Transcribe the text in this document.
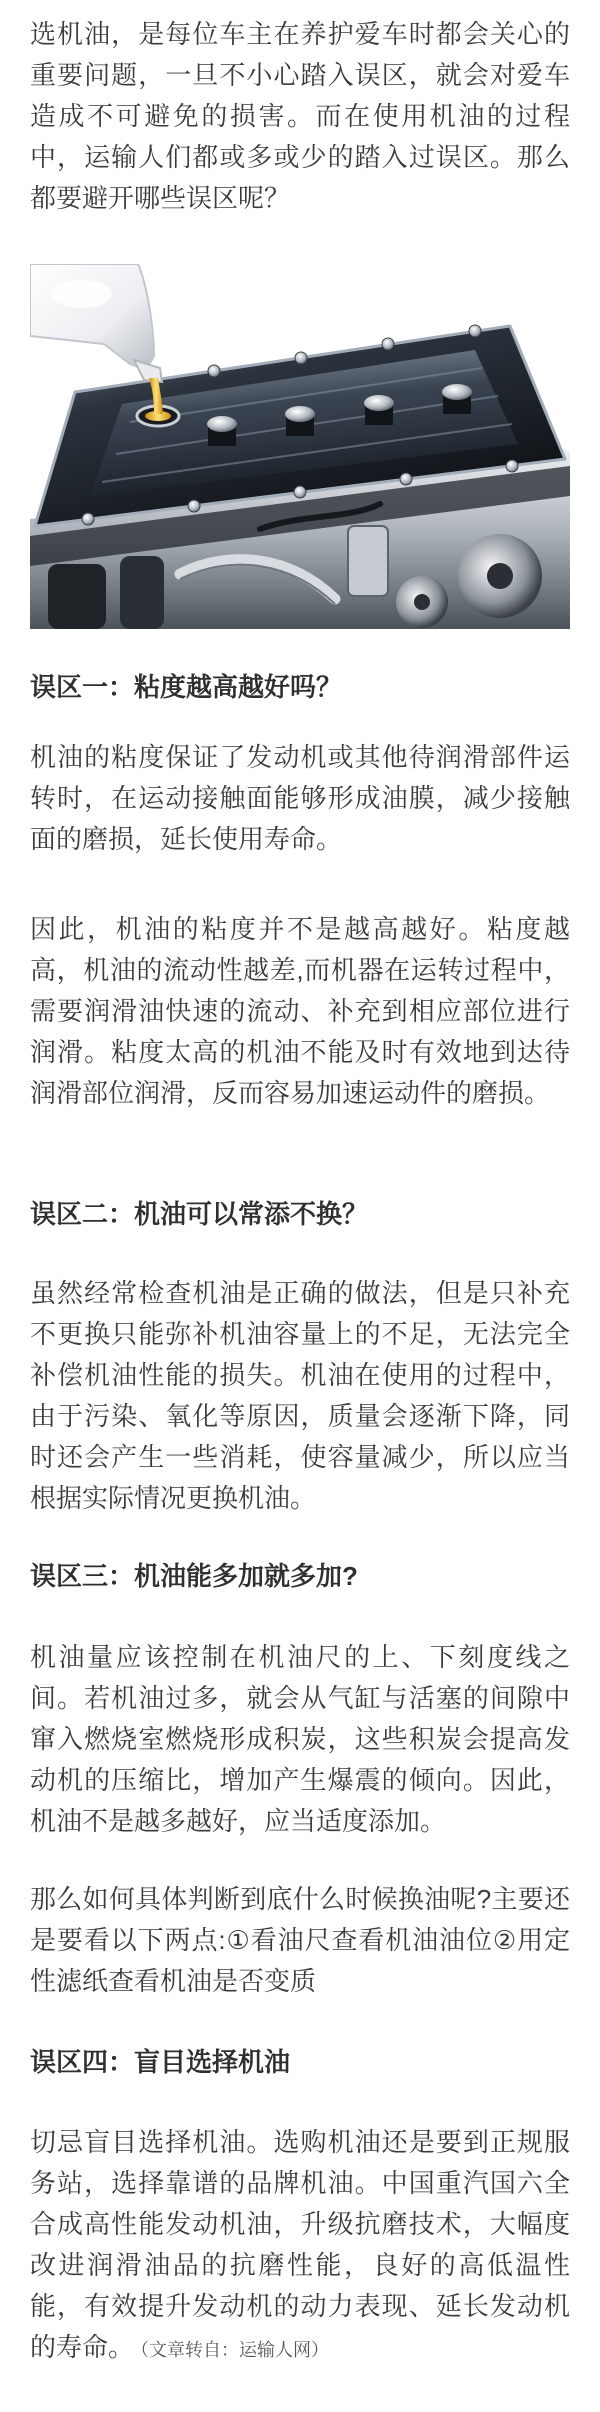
选机油，是每位车主在养护爱车时都会关心的重要问题，一旦不小心踏入误区，就会对爱车造成不可避免的损害。而在使用机油的过程中，运输人们都或多或少的踏入过误区。那么都要避开哪些误区呢？

误区一：粘度越高越好吗？

机油的粘度保证了发动机或其他待润滑部件运转时，在运动接触面能够形成油膜，减少接触面的磨损，延长使用寿命。

因此，机油的粘度并不是越高越好。粘度越高，机油的流动性越差,而机器在运转过程中，需要润滑油快速的流动、补充到相应部位进行润滑。粘度太高的机油不能及时有效地到达待润滑部位润滑，反而容易加速运动件的磨损。

误区二：机油可以常添不换？

虽然经常检查机油是正确的做法，但是只补充不更换只能弥补机油容量上的不足，无法完全补偿机油性能的损失。机油在使用的过程中，由于污染、氧化等原因，质量会逐渐下降，同时还会产生一些消耗，使容量减少，所以应当根据实际情况更换机油。

误区三：机油能多加就多加?

机油量应该控制在机油尺的上、下刻度线之间。若机油过多，就会从气缸与活塞的间隙中窜入燃烧室燃烧形成积炭，这些积炭会提高发动机的压缩比，增加产生爆震的倾向。因此，机油不是越多越好，应当适度添加。

那么如何具体判断到底什么时候换油呢?主要还是要看以下两点:①看油尺查看机油油位②用定性滤纸查看机油是否变质

误区四：盲目选择机油

切忌盲目选择机油。选购机油还是要到正规服务站，选择靠谱的品牌机油。中国重汽国六全合成高性能发动机油，升级抗磨技术，大幅度改进润滑油品的抗磨性能，良好的高低温性能，有效提升发动机的动力表现、延长发动机的寿命。 （文章转自：运输人网）
